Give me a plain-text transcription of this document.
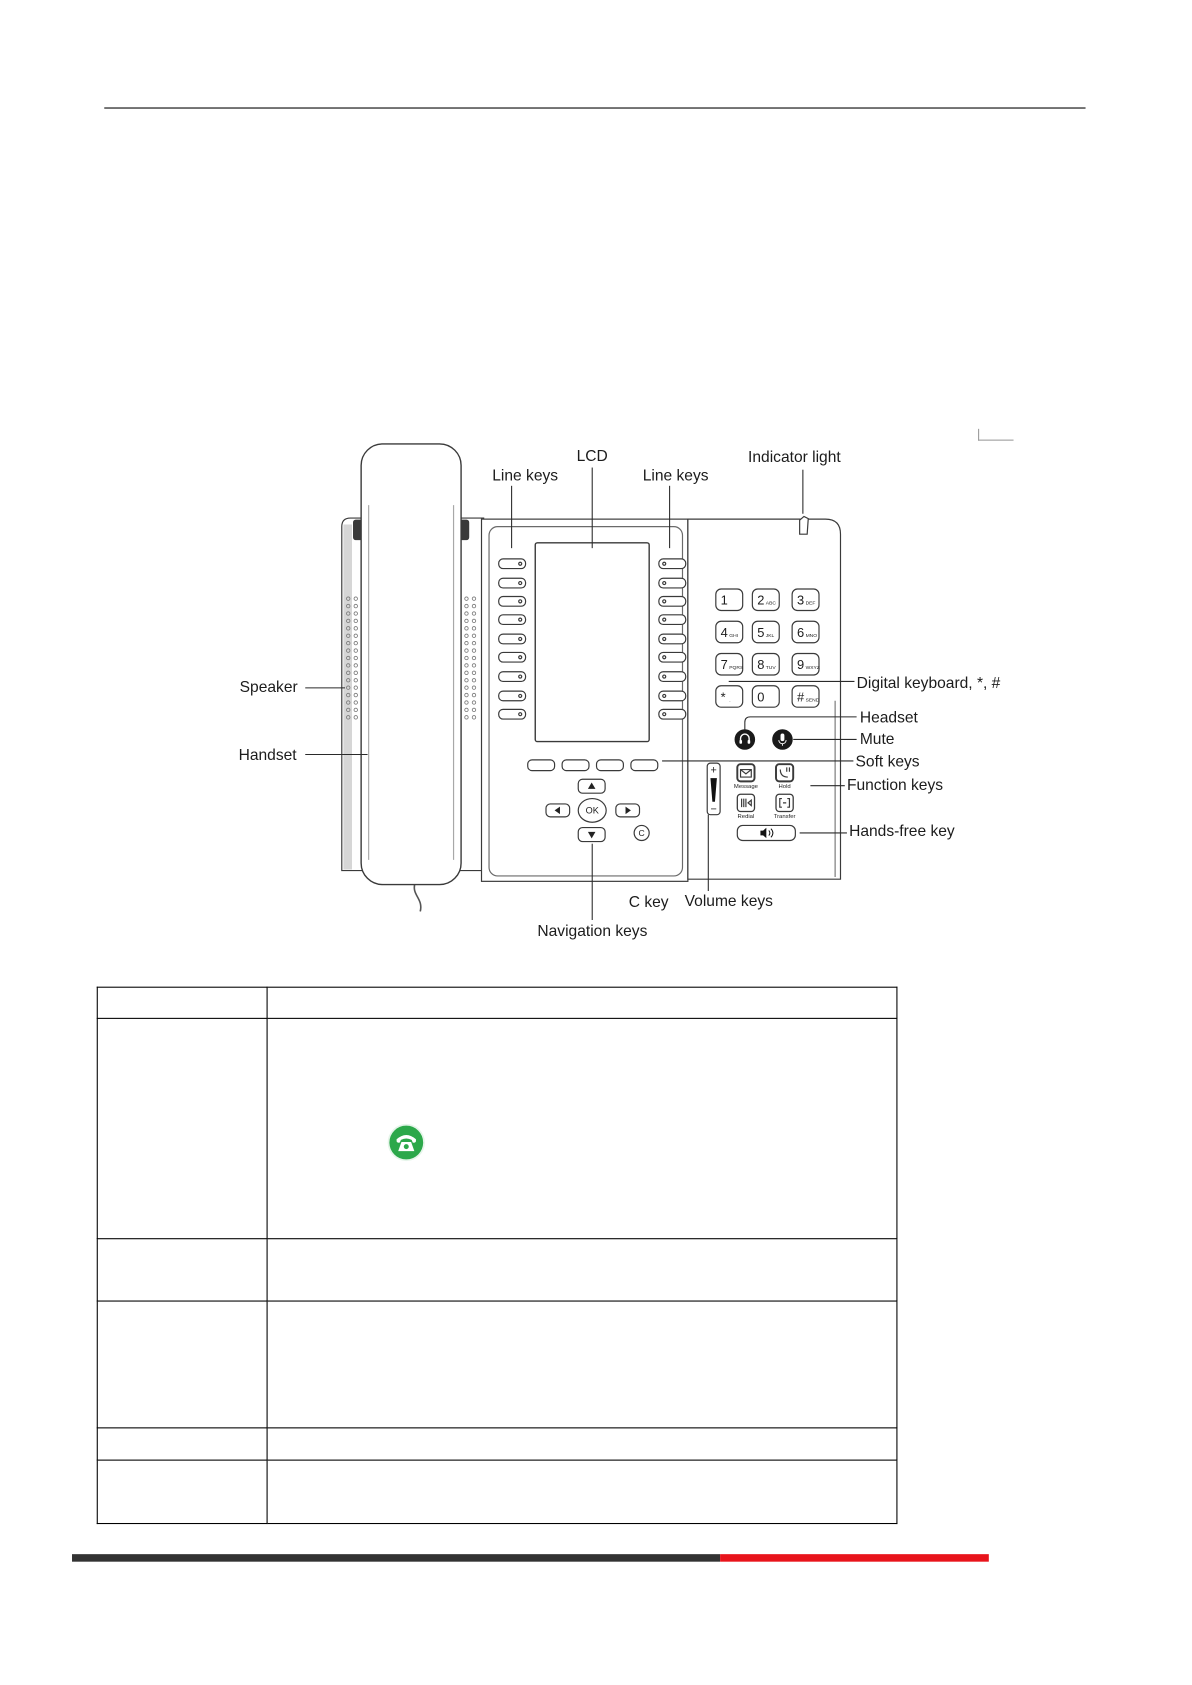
OK
C
1 2 ABC 3 DEF
4 GHI 5 JKL 6 MNO
7 PQRS 8 TUV 9 WXYZ
* . 0	# SEND
+
−
Message	Hold
Redial	Transfer
LCD
Line keys	Line keys
Indicator light
Speaker
Handset
Digital keyboard, *, #
Headset
Mute
Soft keys
Function keys
Hands-free key
C key Volume keys
Navigation keys
